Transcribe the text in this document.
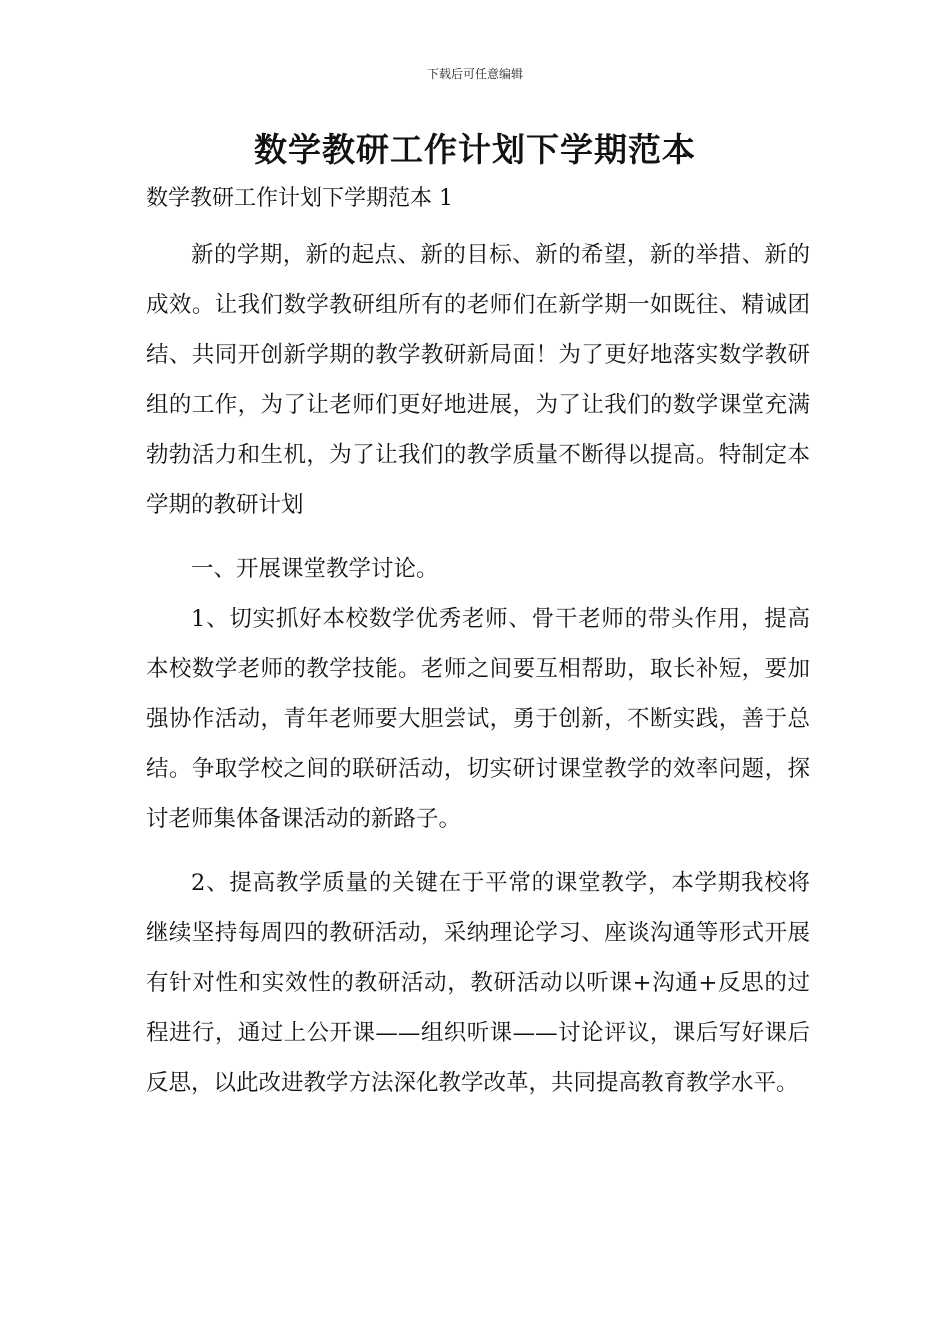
下载后可任意编辑
数学教研工作计划下学期范本
数学教研工作计划下学期范本 1

新的学期，新的起点、新的目标、新的希望，新的举措、新的成效。让我们数学教研组所有的老师们在新学期一如既往、精诚团结、共同开创新学期的教学教研新局面！为了更好地落实数学教研组的工作，为了让老师们更好地进展，为了让我们的数学课堂充满勃勃活力和生机，为了让我们的教学质量不断得以提高。特制定本学期的教研计划

一、开展课堂教学讨论。

1、切实抓好本校数学优秀老师、骨干老师的带头作用，提高本校数学老师的教学技能。老师之间要互相帮助，取长补短，要加强协作活动，青年老师要大胆尝试，勇于创新，不断实践，善于总结。争取学校之间的联研活动，切实研讨课堂教学的效率问题，探讨老师集体备课活动的新路子。

2、提高教学质量的关键在于平常的课堂教学，本学期我校将继续坚持每周四的教研活动，采纳理论学习、座谈沟通等形式开展有针对性和实效性的教研活动，教研活动以听课+沟通+反思的过程进行，通过上公开课——组织听课——讨论评议，课后写好课后反思，以此改进教学方法深化教学改革，共同提高教育教学水平。
